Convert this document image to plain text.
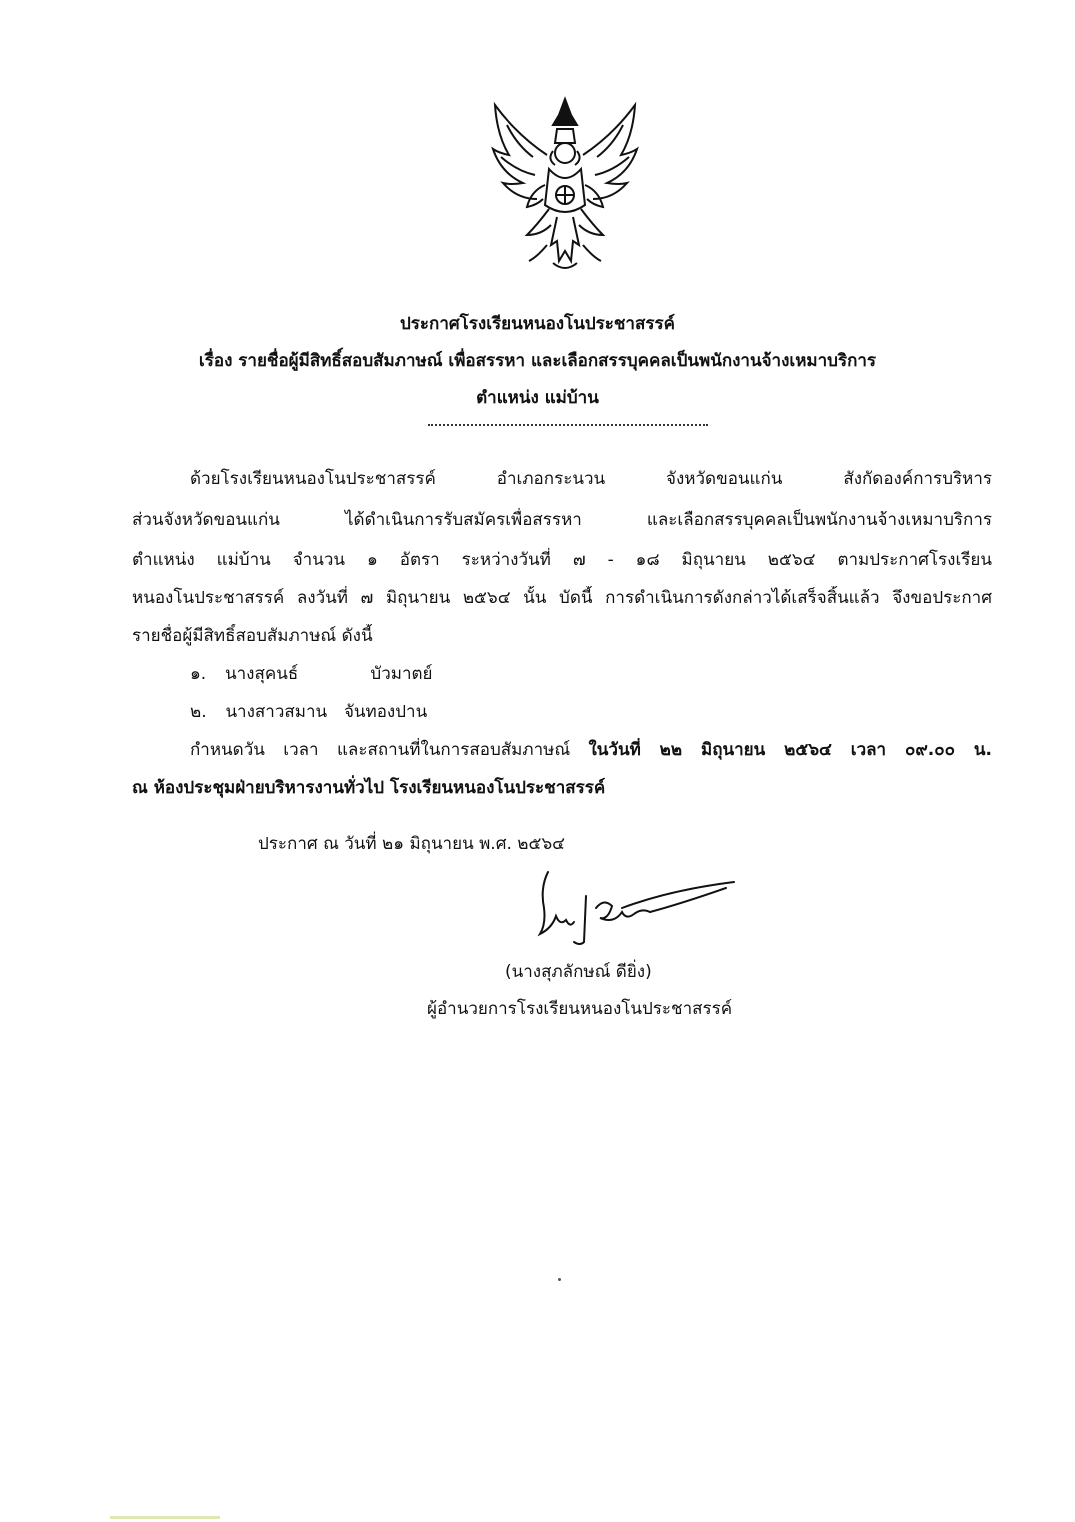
ประกาศโรงเรียนหนองโนประชาสรรค์
เรื่อง รายชื่อผู้มีสิทธิ์สอบสัมภาษณ์ เพื่อสรรหา และเลือกสรรบุคคลเป็นพนักงานจ้างเหมาบริการ
ตำแหน่ง แม่บ้าน
ด้วยโรงเรียนหนองโนประชาสรรค์ อำเภอกระนวน จังหวัดขอนแก่น สังกัดองค์การบริหาร
ส่วนจังหวัดขอนแก่น ได้ดำเนินการรับสมัครเพื่อสรรหา และเลือกสรรบุคคลเป็นพนักงานจ้างเหมาบริการ
ตำแหน่ง แม่บ้าน จำนวน ๑ อัตรา ระหว่างวันที่ ๗ - ๑๘ มิถุนายน ๒๕๖๔ ตามประกาศโรงเรียน
หนองโนประชาสรรค์ ลงวันที่ ๗ มิถุนายน ๒๕๖๔ นั้น บัดนี้ การดำเนินการดังกล่าวได้เสร็จสิ้นแล้ว จึงขอประกาศ
รายชื่อผู้มีสิทธิ์สอบสัมภาษณ์ ดังนี้
๑. นางสุคนธ์	บัวมาตย์
๒. นางสาวสมาน จันทองปาน
กำหนดวัน เวลา และสถานที่ในการสอบสัมภาษณ์ ในวันที่ ๒๒ มิถุนายน ๒๕๖๔ เวลา ๐๙.๐๐ น.
ณ ห้องประชุมฝ่ายบริหารงานทั่วไป โรงเรียนหนองโนประชาสรรค์
ประกาศ ณ วันที่ ๒๑ มิถุนายน พ.ศ. ๒๕๖๔
(นางสุภลักษณ์ ดียิ่ง)
ผู้อำนวยการโรงเรียนหนองโนประชาสรรค์
